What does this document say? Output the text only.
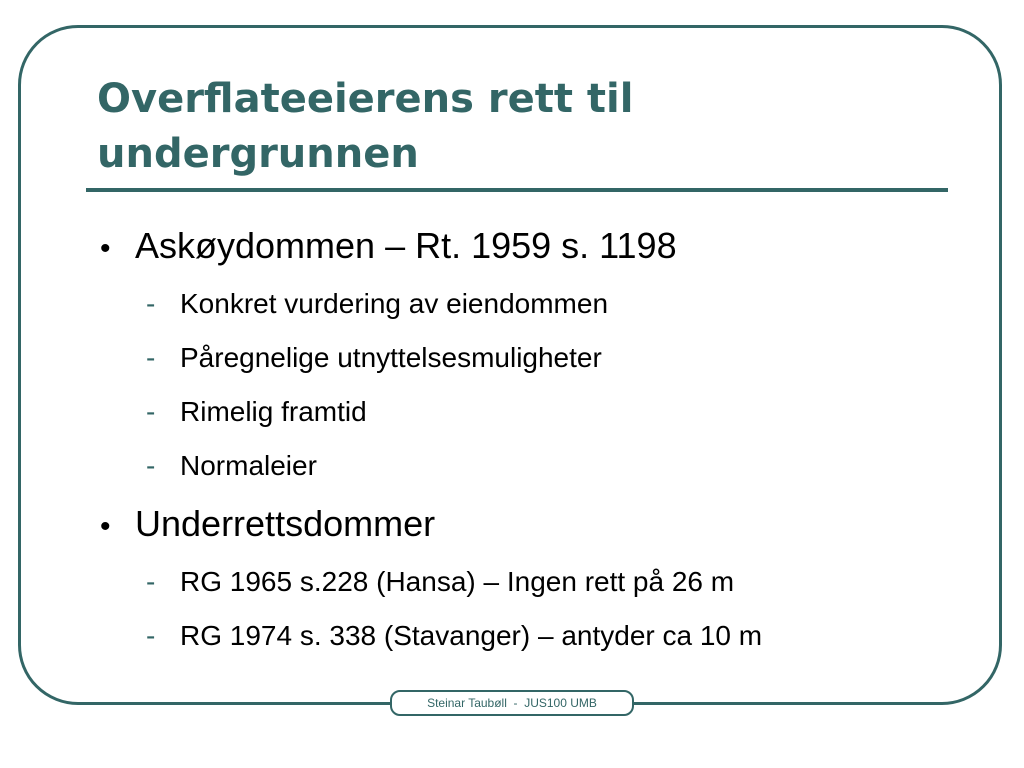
Overflateeierens rett til undergrunnen
• Askøydommen – Rt. 1959 s. 1198
- Konkret vurdering av eiendommen
- Påregnelige utnyttelsesmuligheter
- Rimelig framtid
- Normaleier
• Underrettsdommer
- RG 1965 s.228 (Hansa) – Ingen rett på 26 m
- RG 1974 s. 338 (Stavanger) – antyder ca 10 m
Steinar Taubøll  -  JUS100 UMB
